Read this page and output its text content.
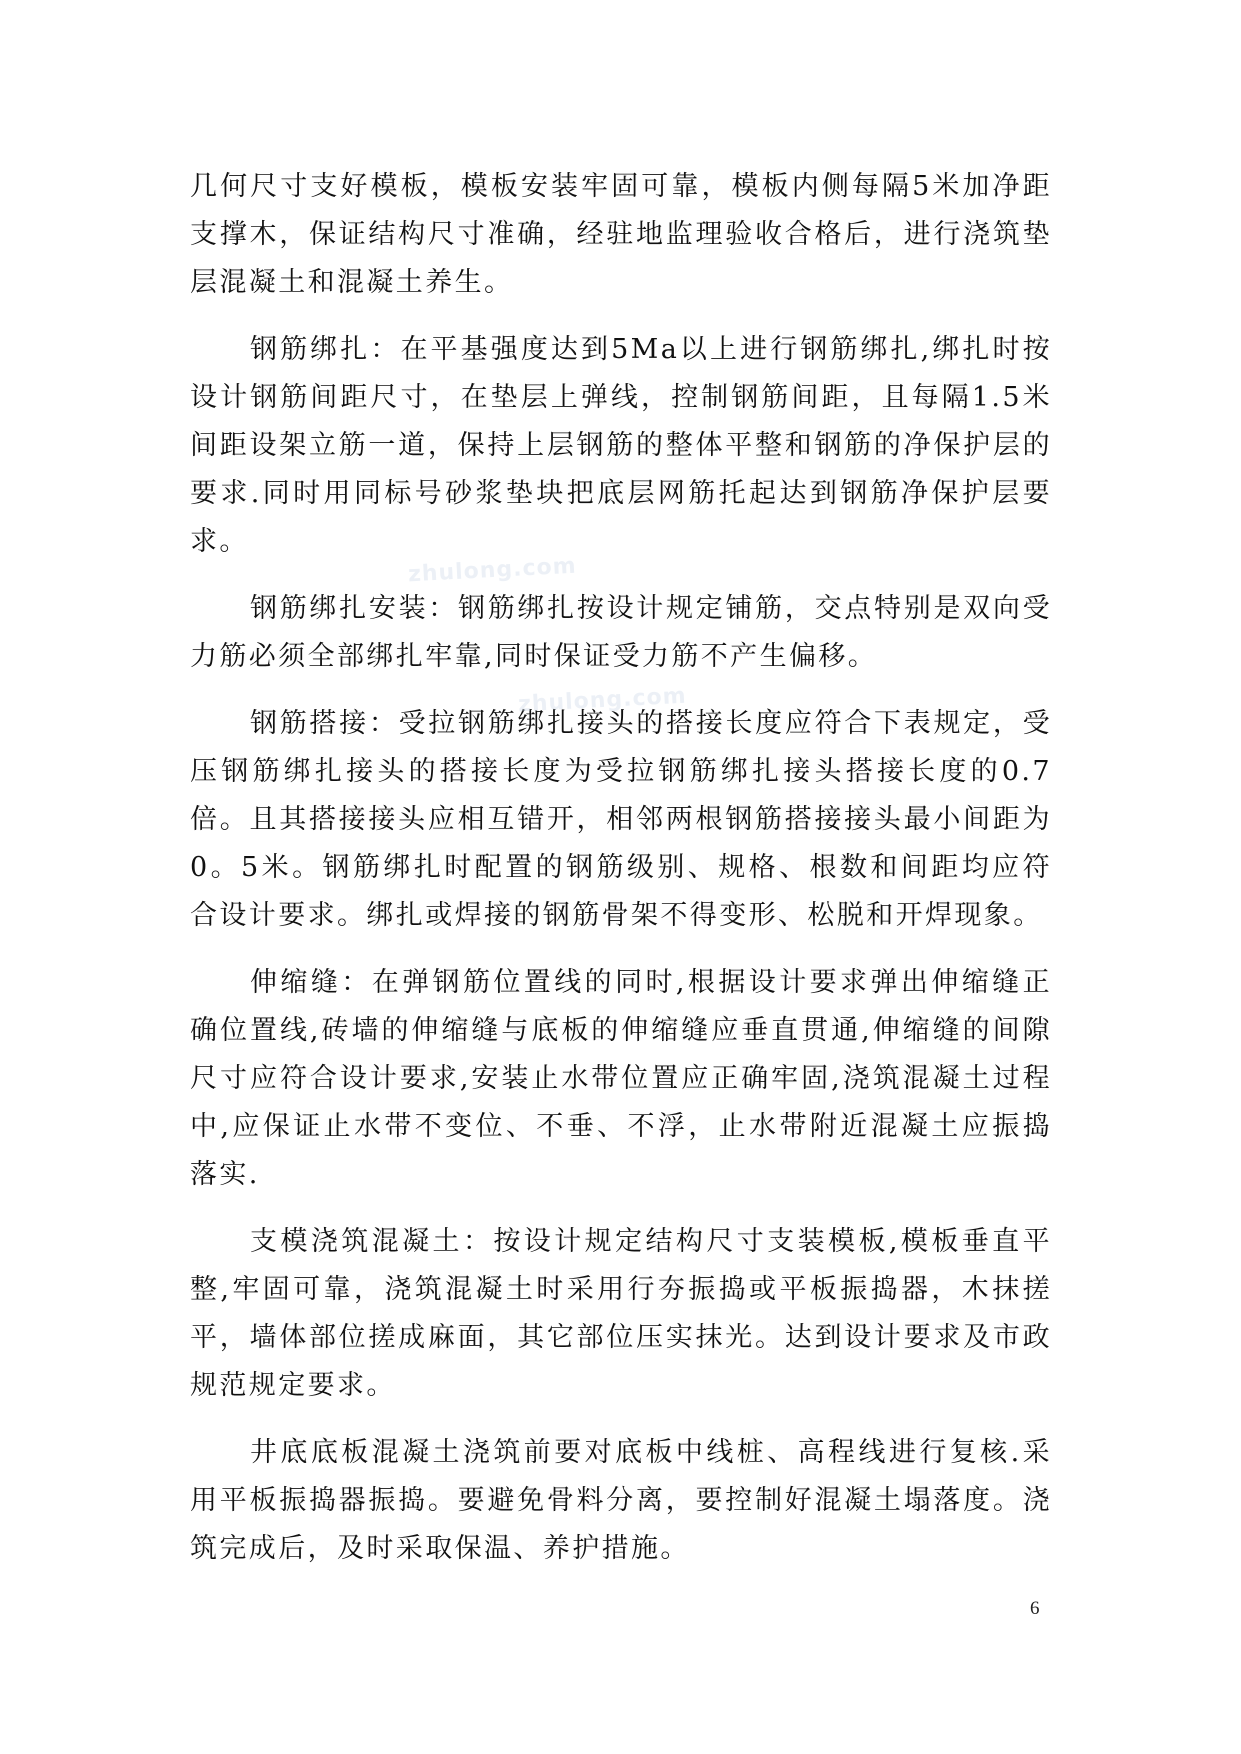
几何尺寸支好模板，模板安装牢固可靠，模板内侧每隔5米加净距支撑木，保证结构尺寸准确，经驻地监理验收合格后，进行浇筑垫层混凝土和混凝土养生。

钢筋绑扎：在平基强度达到5Ma以上进行钢筋绑扎,绑扎时按设计钢筋间距尺寸，在垫层上弹线，控制钢筋间距，且每隔1.5米间距设架立筋一道，保持上层钢筋的整体平整和钢筋的净保护层的要求.同时用同标号砂浆垫块把底层网筋托起达到钢筋净保护层要求。

钢筋绑扎安装：钢筋绑扎按设计规定铺筋，交点特别是双向受力筋必须全部绑扎牢靠,同时保证受力筋不产生偏移。

钢筋搭接：受拉钢筋绑扎接头的搭接长度应符合下表规定，受压钢筋绑扎接头的搭接长度为受拉钢筋绑扎接头搭接长度的0.7倍。且其搭接接头应相互错开，相邻两根钢筋搭接接头最小间距为0。5米。钢筋绑扎时配置的钢筋级别、规格、根数和间距均应符合设计要求。绑扎或焊接的钢筋骨架不得变形、松脱和开焊现象。

伸缩缝：在弹钢筋位置线的同时,根据设计要求弹出伸缩缝正确位置线,砖墙的伸缩缝与底板的伸缩缝应垂直贯通,伸缩缝的间隙尺寸应符合设计要求,安装止水带位置应正确牢固,浇筑混凝土过程中,应保证止水带不变位、不垂、不浮，止水带附近混凝土应振捣落实.

支模浇筑混凝土：按设计规定结构尺寸支装模板,模板垂直平整,牢固可靠，浇筑混凝土时采用行夯振捣或平板振捣器，木抹搓平，墙体部位搓成麻面，其它部位压实抹光。达到设计要求及市政规范规定要求。

井底底板混凝土浇筑前要对底板中线桩、高程线进行复核.采用平板振捣器振捣。要避免骨料分离，要控制好混凝土塌落度。浇筑完成后，及时采取保温、养护措施。

zhulong.com
zhulong.com
6
